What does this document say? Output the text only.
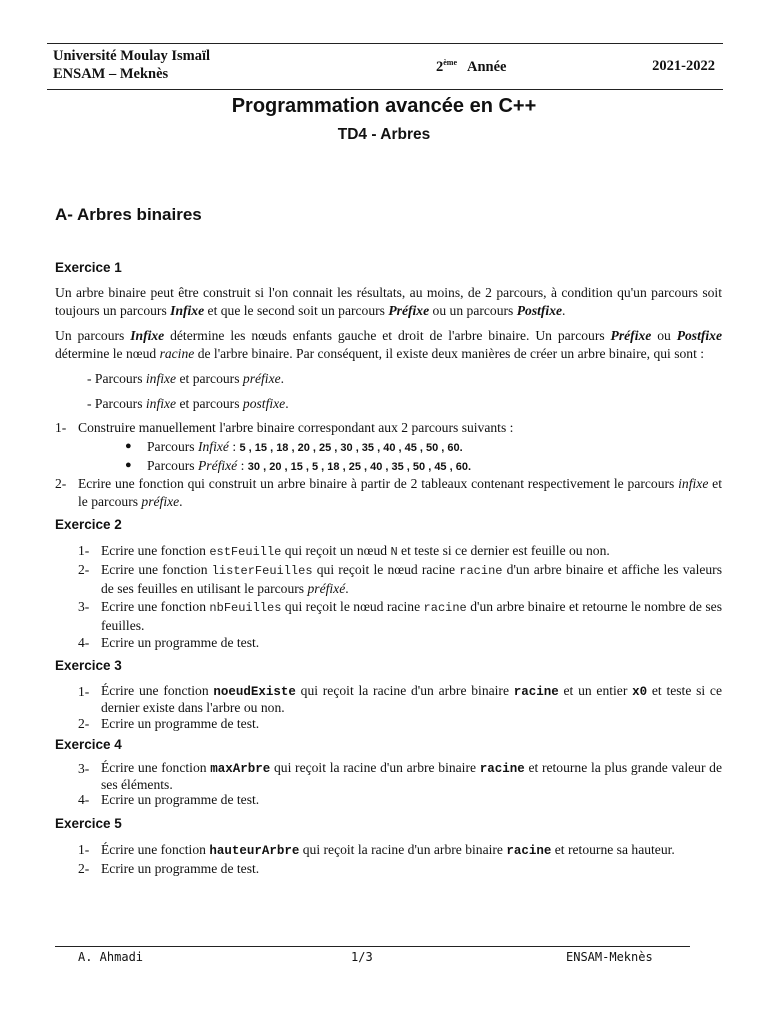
Université Moulay Ismaïl
ENSAM – Meknès	2ème Année	2021-2022
Programmation avancée en C++
TD4 - Arbres
A- Arbres binaires
Exercice 1
Un arbre binaire peut être construit si l'on connait les résultats, au moins, de 2 parcours, à condition qu'un parcours soit toujours un parcours Infixe et que le second soit un parcours Préfixe ou un parcours Postfixe.
Un parcours Infixe détermine les nœuds enfants gauche et droit de l'arbre binaire. Un parcours Préfixe ou Postfixe détermine le nœud racine de l'arbre binaire. Par conséquent, il existe deux manières de créer un arbre binaire, qui sont :
- Parcours infixe et parcours préfixe.
- Parcours infixe et parcours postfixe.
1- Construire manuellement l'arbre binaire correspondant aux 2 parcours suivants :
● Parcours Infixé : 5 , 15 , 18 , 20 , 25 , 30 , 35 , 40 , 45 , 50 , 60.
● Parcours Préfixé : 30 , 20 , 15 , 5 , 18 , 25 , 40 , 35 , 50 , 45 , 60.
2- Ecrire une fonction qui construit un arbre binaire à partir de 2 tableaux contenant respectivement le parcours infixe et le parcours préfixe.
Exercice 2
1- Ecrire une fonction estFeuille qui reçoit un nœud N et teste si ce dernier est feuille ou non.
2- Ecrire une fonction listerFeuilles qui reçoit le nœud racine racine d'un arbre binaire et affiche les valeurs de ses feuilles en utilisant le parcours préfixé.
3- Ecrire une fonction nbFeuilles qui reçoit le nœud racine racine d'un arbre binaire et retourne le nombre de ses feuilles.
4- Ecrire un programme de test.
Exercice 3
1- Écrire une fonction noeudExiste qui reçoit la racine d'un arbre binaire racine et un entier x0 et teste si ce dernier existe dans l'arbre ou non.
2- Ecrire un programme de test.
Exercice 4
3- Écrire une fonction maxArbre qui reçoit la racine d'un arbre binaire racine et retourne la plus grande valeur de ses éléments.
4- Ecrire un programme de test.
Exercice 5
1- Écrire une fonction hauteurArbre qui reçoit la racine d'un arbre binaire racine et retourne sa hauteur.
2- Ecrire un programme de test.
A. Ahmadi	1/3	ENSAM-Meknès
